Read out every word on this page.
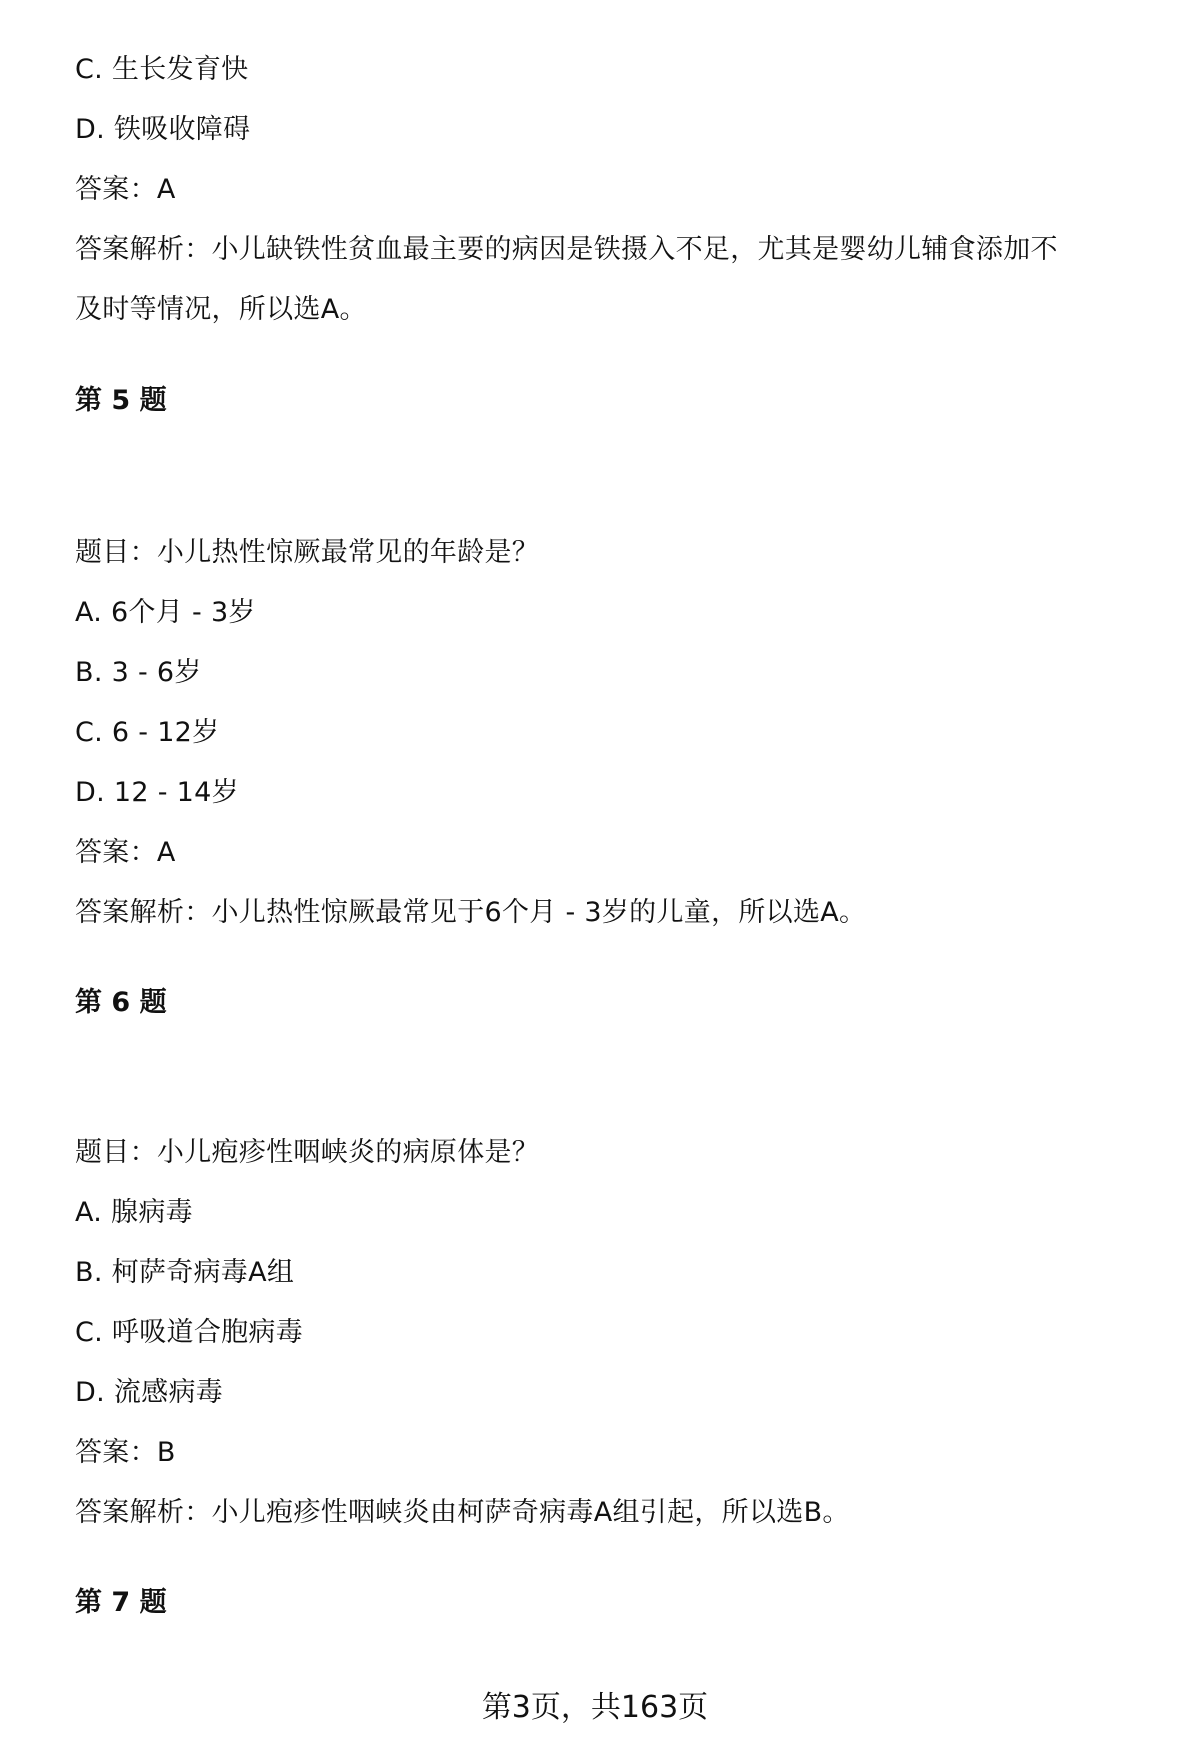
C. 生长发育快
D. 铁吸收障碍
答案：A
答案解析：小儿缺铁性贫血最主要的病因是铁摄入不足，尤其是婴幼儿辅食添加不
及时等情况，所以选A。
第 5 题
题目：小儿热性惊厥最常见的年龄是？
A. 6个月 - 3岁
B. 3 - 6岁
C. 6 - 12岁
D. 12 - 14岁
答案：A
答案解析：小儿热性惊厥最常见于6个月 - 3岁的儿童，所以选A。
第 6 题
题目：小儿疱疹性咽峡炎的病原体是？
A. 腺病毒
B. 柯萨奇病毒A组
C. 呼吸道合胞病毒
D. 流感病毒
答案：B
答案解析：小儿疱疹性咽峡炎由柯萨奇病毒A组引起，所以选B。
第 7 题
第3页，共163页
